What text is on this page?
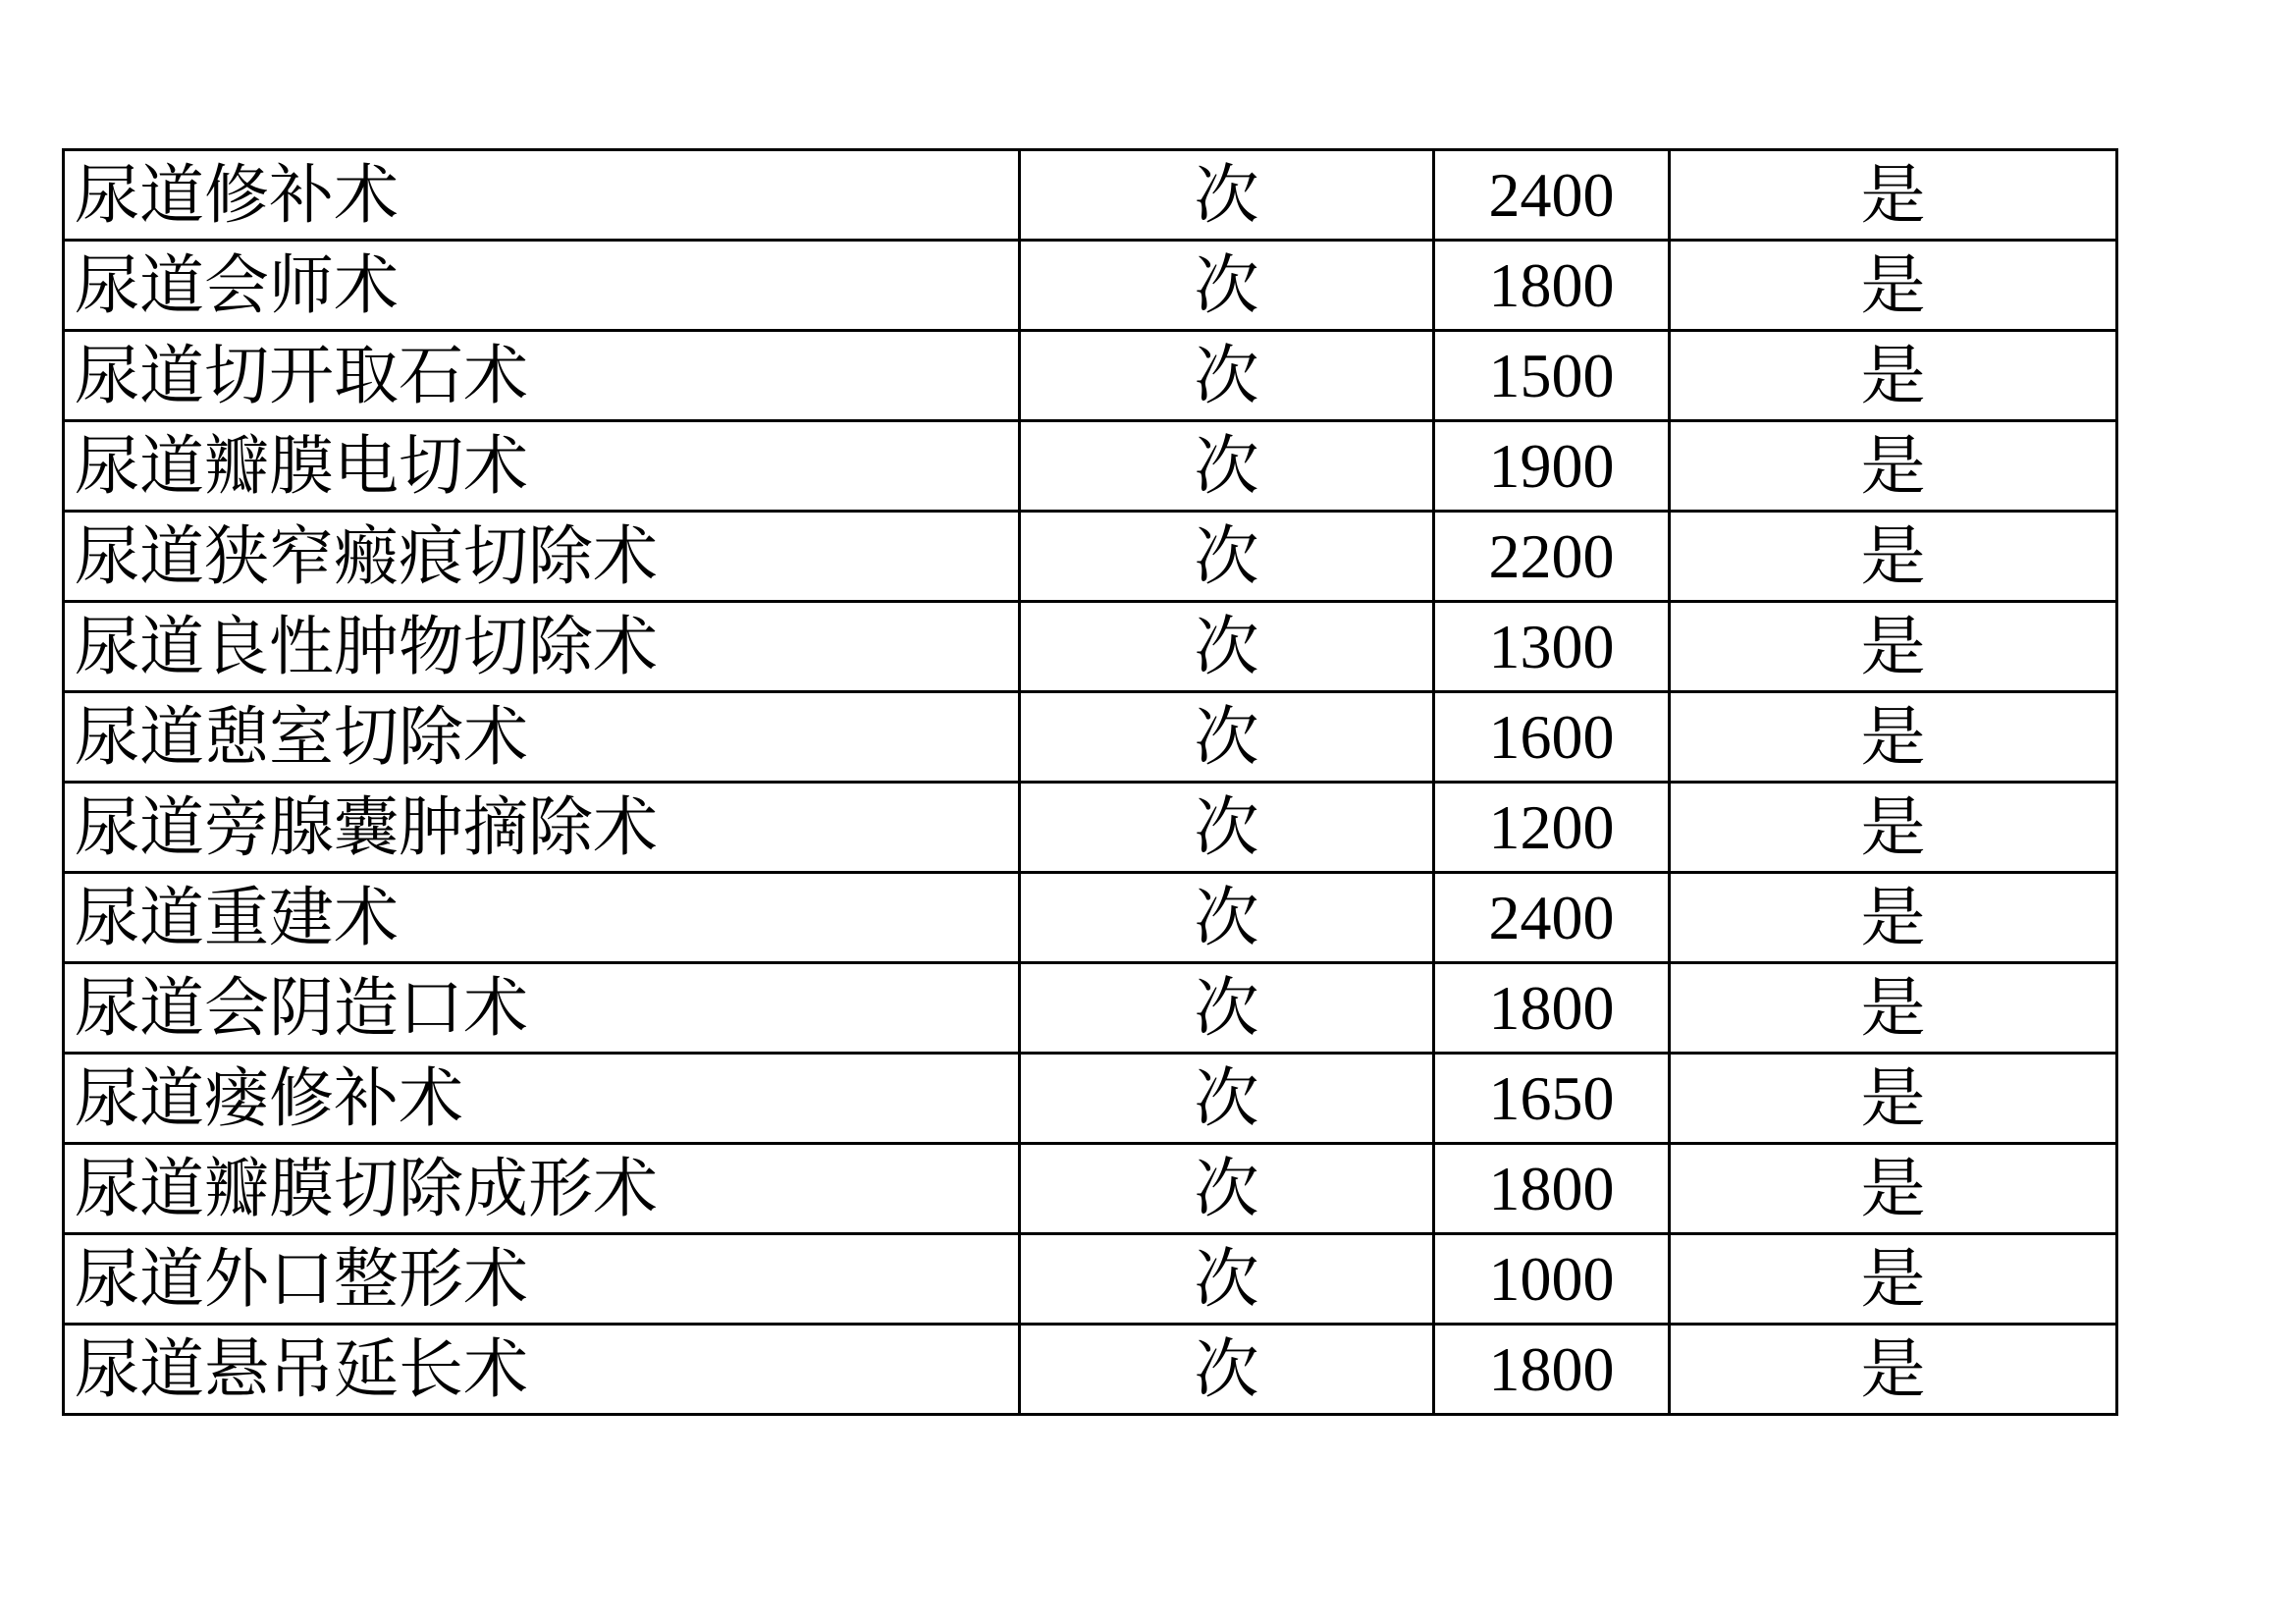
尿道修补术	次	2400	是
尿道会师术	次	1800	是
尿道切开取石术	次	1500	是
尿道瓣膜电切术	次	1900	是
尿道狭窄瘢痕切除术	次	2200	是
尿道良性肿物切除术	次	1300	是
尿道憩室切除术	次	1600	是
尿道旁腺囊肿摘除术	次	1200	是
尿道重建术	次	2400	是
尿道会阴造口术	次	1800	是
尿道瘘修补术	次	1650	是
尿道瓣膜切除成形术	次	1800	是
尿道外口整形术	次	1000	是
尿道悬吊延长术	次	1800	是
